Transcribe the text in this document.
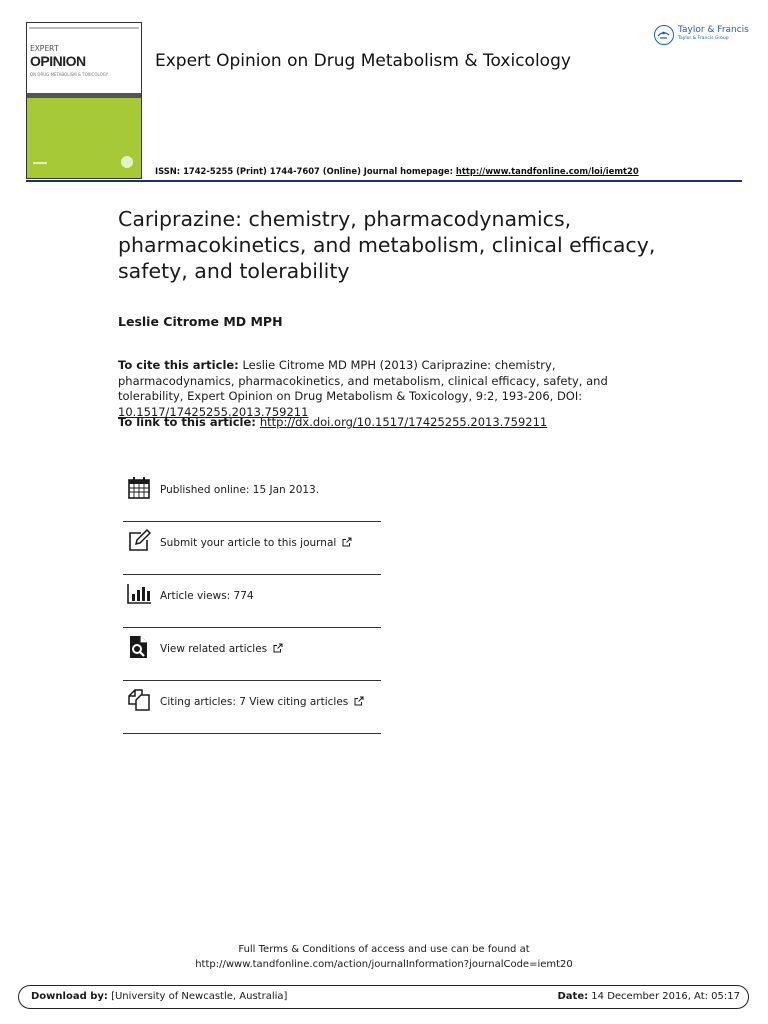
EXPERT
OPINION
ON DRUG METABOLISM & TOXICOLOGY
Expert Opinion on Drug Metabolism & Toxicology
ISSN: 1742-5255 (Print) 1744-7607 (Online) Journal homepage: http://www.tandfonline.com/loi/iemt20
Taylor & Francis
Taylor & Francis Group
Cariprazine: chemistry, pharmacodynamics, pharmacokinetics, and metabolism, clinical efficacy, safety, and tolerability
Leslie Citrome MD MPH
To cite this article: Leslie Citrome MD MPH (2013) Cariprazine: chemistry, pharmacodynamics, pharmacokinetics, and metabolism, clinical efficacy, safety, and tolerability, Expert Opinion on Drug Metabolism & Toxicology, 9:2, 193-206, DOI: 10.1517/17425255.2013.759211
To link to this article: http://dx.doi.org/10.1517/17425255.2013.759211
Published online: 15 Jan 2013.
Submit your article to this journal
Article views: 774
View related articles
Citing articles: 7 View citing articles
Full Terms & Conditions of access and use can be found at
http://www.tandfonline.com/action/journalInformation?journalCode=iemt20
Download by: [University of Newcastle, Australia]	Date: 14 December 2016, At: 05:17
